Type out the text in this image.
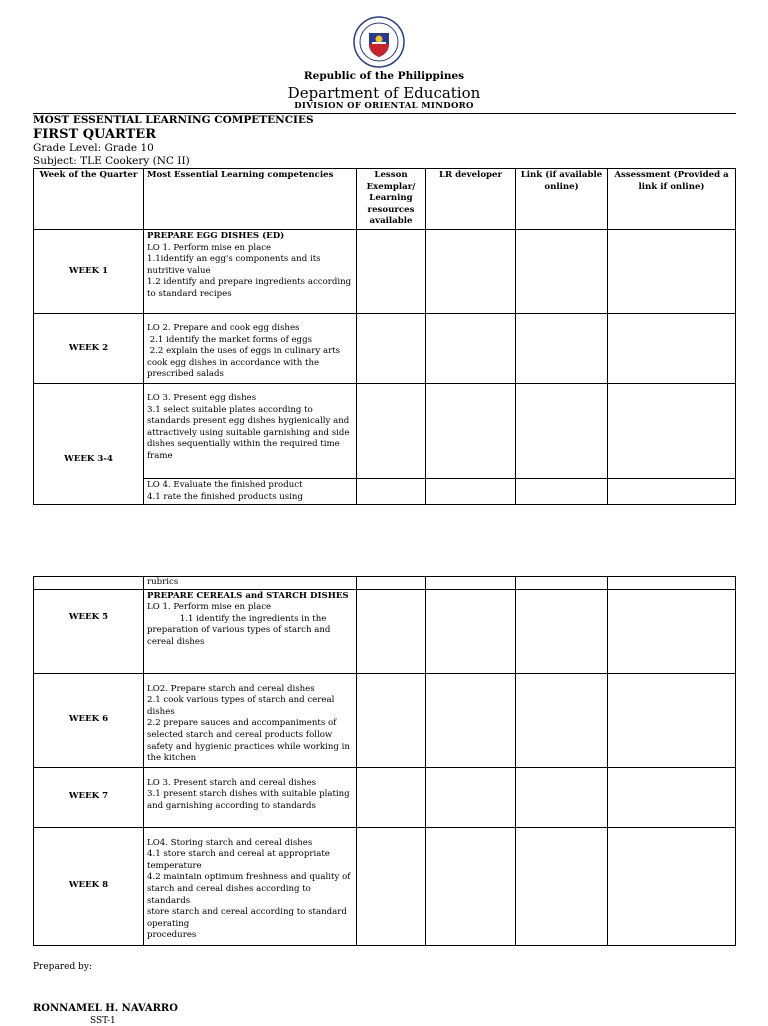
Republic of the Philippines
Department of Education
DIVISION OF ORIENTAL MINDORO
MOST ESSENTIAL LEARNING COMPETENCIES
FIRST QUARTER
Grade Level: Grade 10
Subject: TLE Cookery (NC II)
Week of the Quarter	Most Essential Learning competencies	Lesson Exemplar/ Learning resources available	LR developer	Link (if available online)	Assessment (Provided a link if online)
WEEK 1	PREPARE EGG DISHES (ED)
LO 1. Perform mise en place
1.1identify an egg's components and its nutritive value
1.2 identify and prepare ingredients according to standard recipes				

WEEK 2	LO 2. Prepare and cook egg dishes
2.1 identify the market forms of eggs
2.2 explain the uses of eggs in culinary arts cook egg dishes in accordance with the prescribed salads				

WEEK 3-4	LO 3. Present egg dishes
3.1 select suitable plates according to standards present egg dishes hygienically and attractively using suitable garnishing and side dishes sequentially within the required time frame				

	LO 4. Evaluate the finished product
4.1 rate the finished products using				

	rubrics				
WEEK 5	PREPARE CEREALS and STARCH DISHES
LO 1. Perform mise en place
1.1 identify the ingredients in the preparation of various types of starch and cereal dishes				

WEEK 6	LO2. Prepare starch and cereal dishes
2.1 cook various types of starch and cereal dishes
2.2 prepare sauces and accompaniments of selected starch and cereal products follow safety and hygienic practices while working in the kitchen				

WEEK 7	LO 3. Present starch and cereal dishes
3.1 present starch dishes with suitable plating and garnishing according to standards				

WEEK 8	LO4. Storing starch and cereal dishes
4.1 store starch and cereal at appropriate temperature
4.2 maintain optimum freshness and quality of starch and cereal dishes according to standards
store starch and cereal according to standard operating
procedures				

Prepared by:
RONNAMEL H. NAVARRO
SST-1
